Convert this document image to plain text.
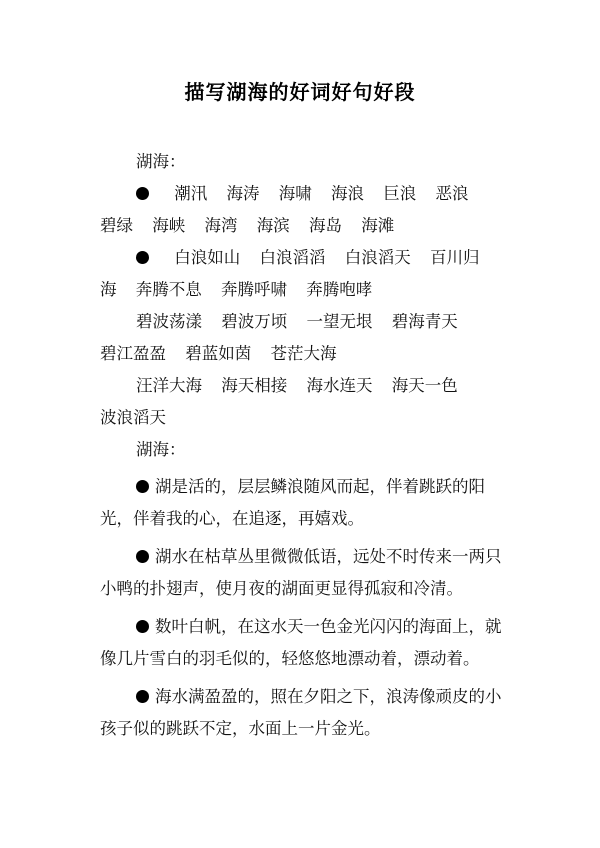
描写湖海的好词好句好段
湖海：
潮汛 海涛 海啸 海浪 巨浪 恶浪
碧绿 海峡 海湾 海滨 海岛 海滩
白浪如山 白浪滔滔 白浪滔天 百川归
海 奔腾不息 奔腾呼啸 奔腾咆哮
碧波荡漾 碧波万顷 一望无垠 碧海青天
碧江盈盈 碧蓝如茵 苍茫大海
汪洋大海 海天相接 海水连天 海天一色
波浪滔天
湖海：
湖是活的，层层鳞浪随风而起，伴着跳跃的阳光，伴着我的心，在追逐，再嬉戏。
湖水在枯草丛里微微低语，远处不时传来一两只小鸭的扑翅声，使月夜的湖面更显得孤寂和冷清。
数叶白帆，在这水天一色金光闪闪的海面上，就像几片雪白的羽毛似的，轻悠悠地漂动着，漂动着。
海水满盈盈的，照在夕阳之下，浪涛像顽皮的小孩子似的跳跃不定，水面上一片金光。
